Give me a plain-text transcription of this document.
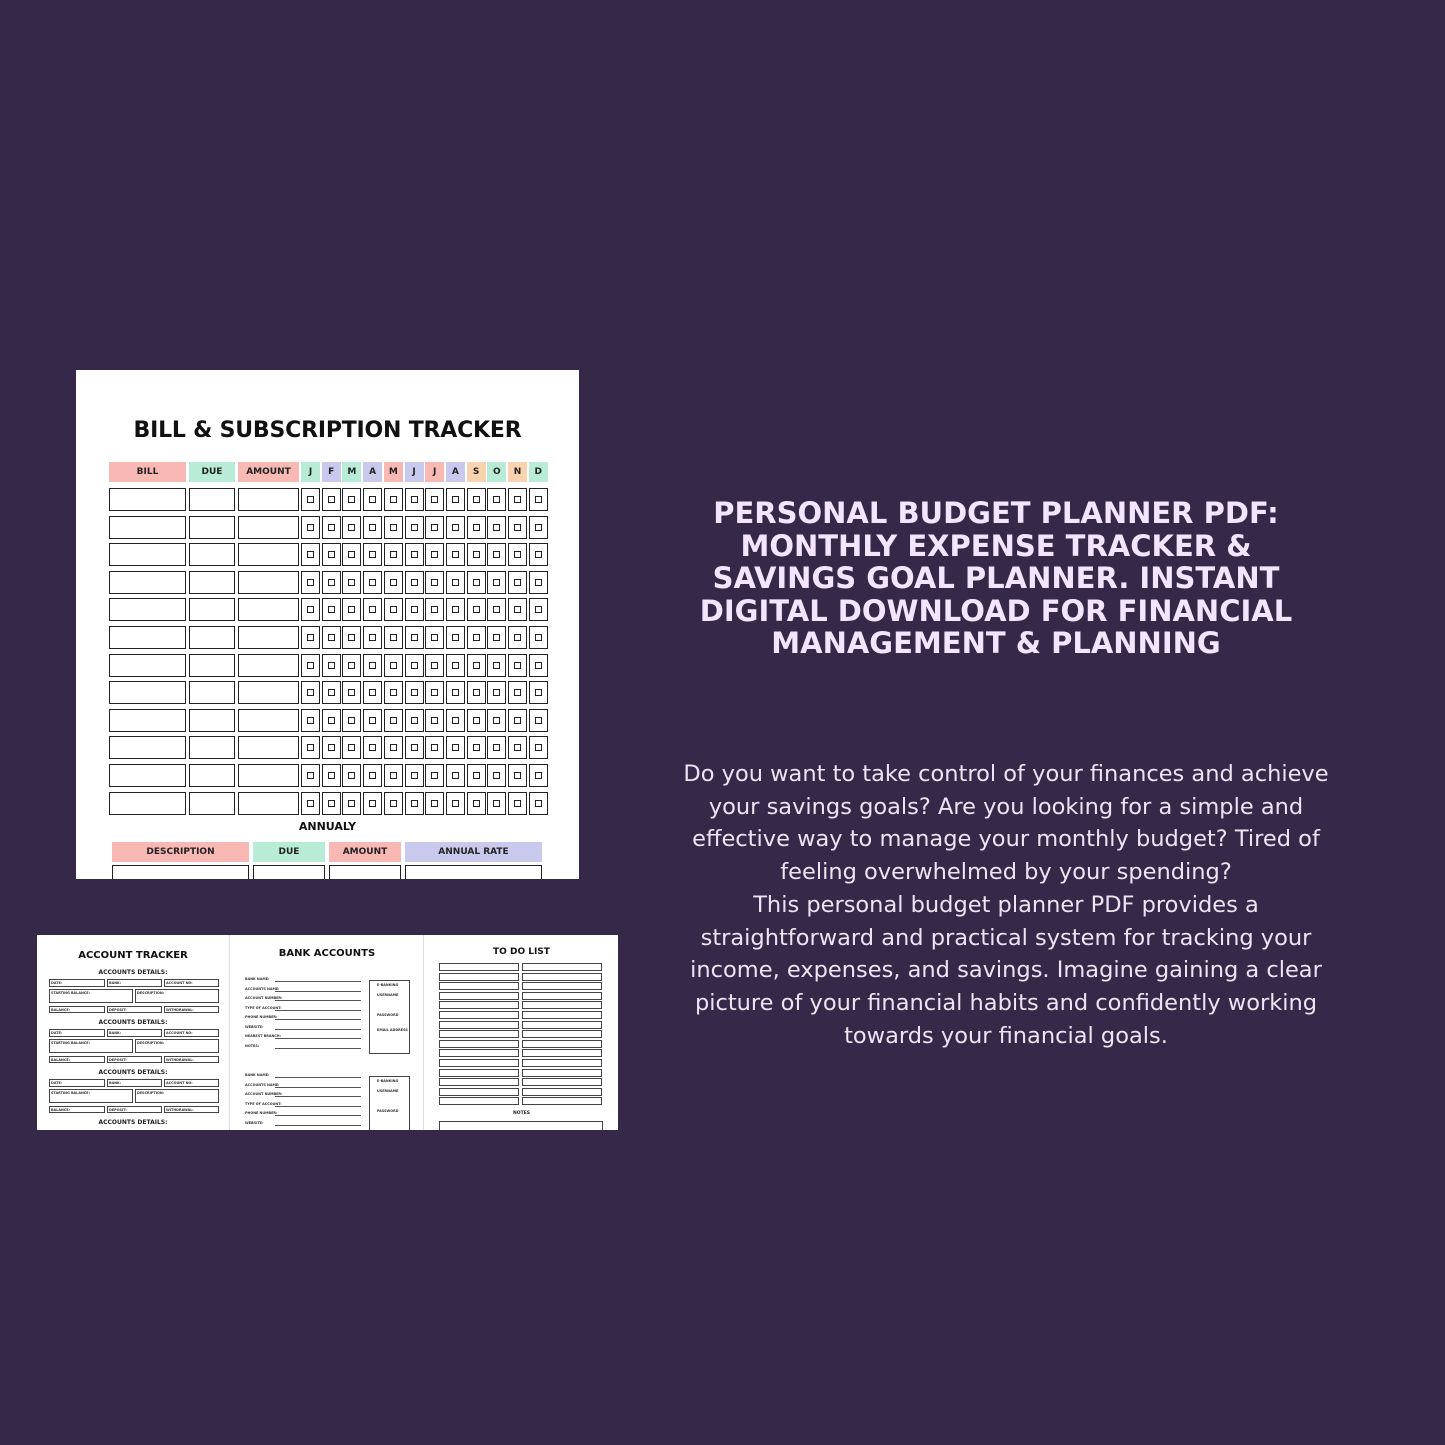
BILL & SUBSCRIPTION TRACKER
BILL	DUE	AMOUNT	J	F	M	A	M	J	J	A	S	O	N	D
ANNUALY
DESCRIPTION	DUE	AMOUNT	ANNUAL RATE
ACCOUNT TRACKER
ACCOUNTS DETAILS:
DATE:	BANK:	ACCOUNT NO:
STARTING BALANCE:	DESCRIPTION:
BALANCE:	DEPOSIT:	WITHDRAWAL:
ACCOUNTS DETAILS:
DATE:	BANK:	ACCOUNT NO:
STARTING BALANCE:	DESCRIPTION:
BALANCE:	DEPOSIT:	WITHDRAWAL:
ACCOUNTS DETAILS:
DATE:	BANK:	ACCOUNT NO:
STARTING BALANCE:	DESCRIPTION:
BALANCE:	DEPOSIT:	WITHDRAWAL:
ACCOUNTS DETAILS:
BANK ACCOUNTS
BANK NAME:
ACCOUNTS NAME:
ACCOUNT NUMBER:
TYPE OF ACCOUNT:
PHONE NUMBER:
WEBSITE:
NEAREST BRANCH:
NOTES:
E-BANKING
USERNAME
PASSWORD
EMAIL ADDRESS
BANK NAME:
ACCOUNTS NAME:
ACCOUNT NUMBER:
TYPE OF ACCOUNT:
PHONE NUMBER:
WEBSITE:
E-BANKING
USERNAME
PASSWORD
TO DO LIST
NOTES
PERSONAL BUDGET PLANNER PDF: MONTHLY EXPENSE TRACKER & SAVINGS GOAL PLANNER. INSTANT DIGITAL DOWNLOAD FOR FINANCIAL MANAGEMENT & PLANNING

Do you want to take control of your finances and achieve your savings goals? Are you looking for a simple and effective way to manage your monthly budget? Tired of feeling overwhelmed by your spending?

This personal budget planner PDF provides a straightforward and practical system for tracking your income, expenses, and savings. Imagine gaining a clear picture of your financial habits and confidently working towards your financial goals.
